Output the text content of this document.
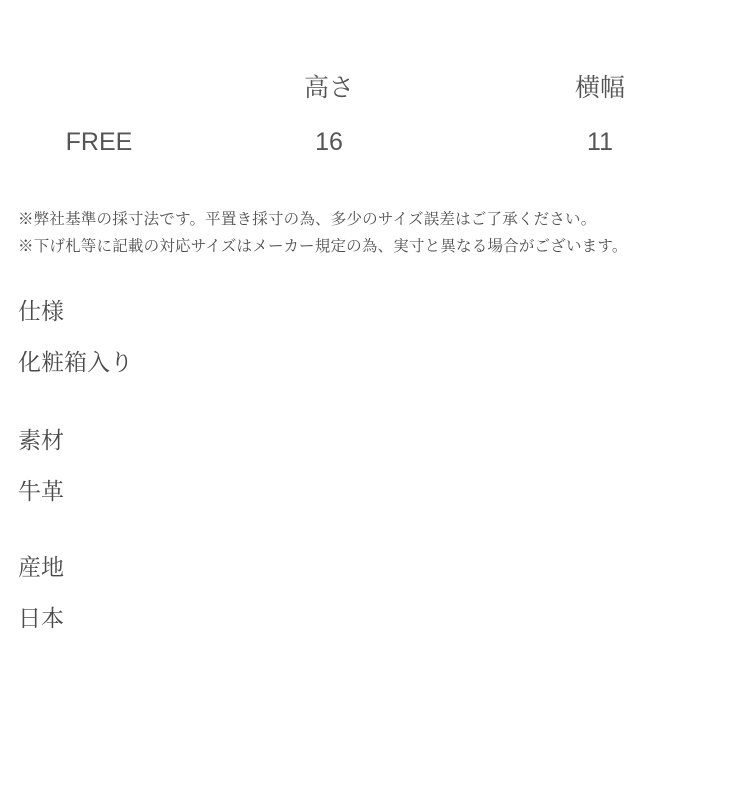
	高さ	横幅
FREE	16	11
※弊社基準の採寸法です。平置き採寸の為、多少のサイズ誤差はご了承ください。
※下げ札等に記載の対応サイズはメーカー規定の為、実寸と異なる場合がございます。
仕様
化粧箱入り
素材
牛革
産地
日本
